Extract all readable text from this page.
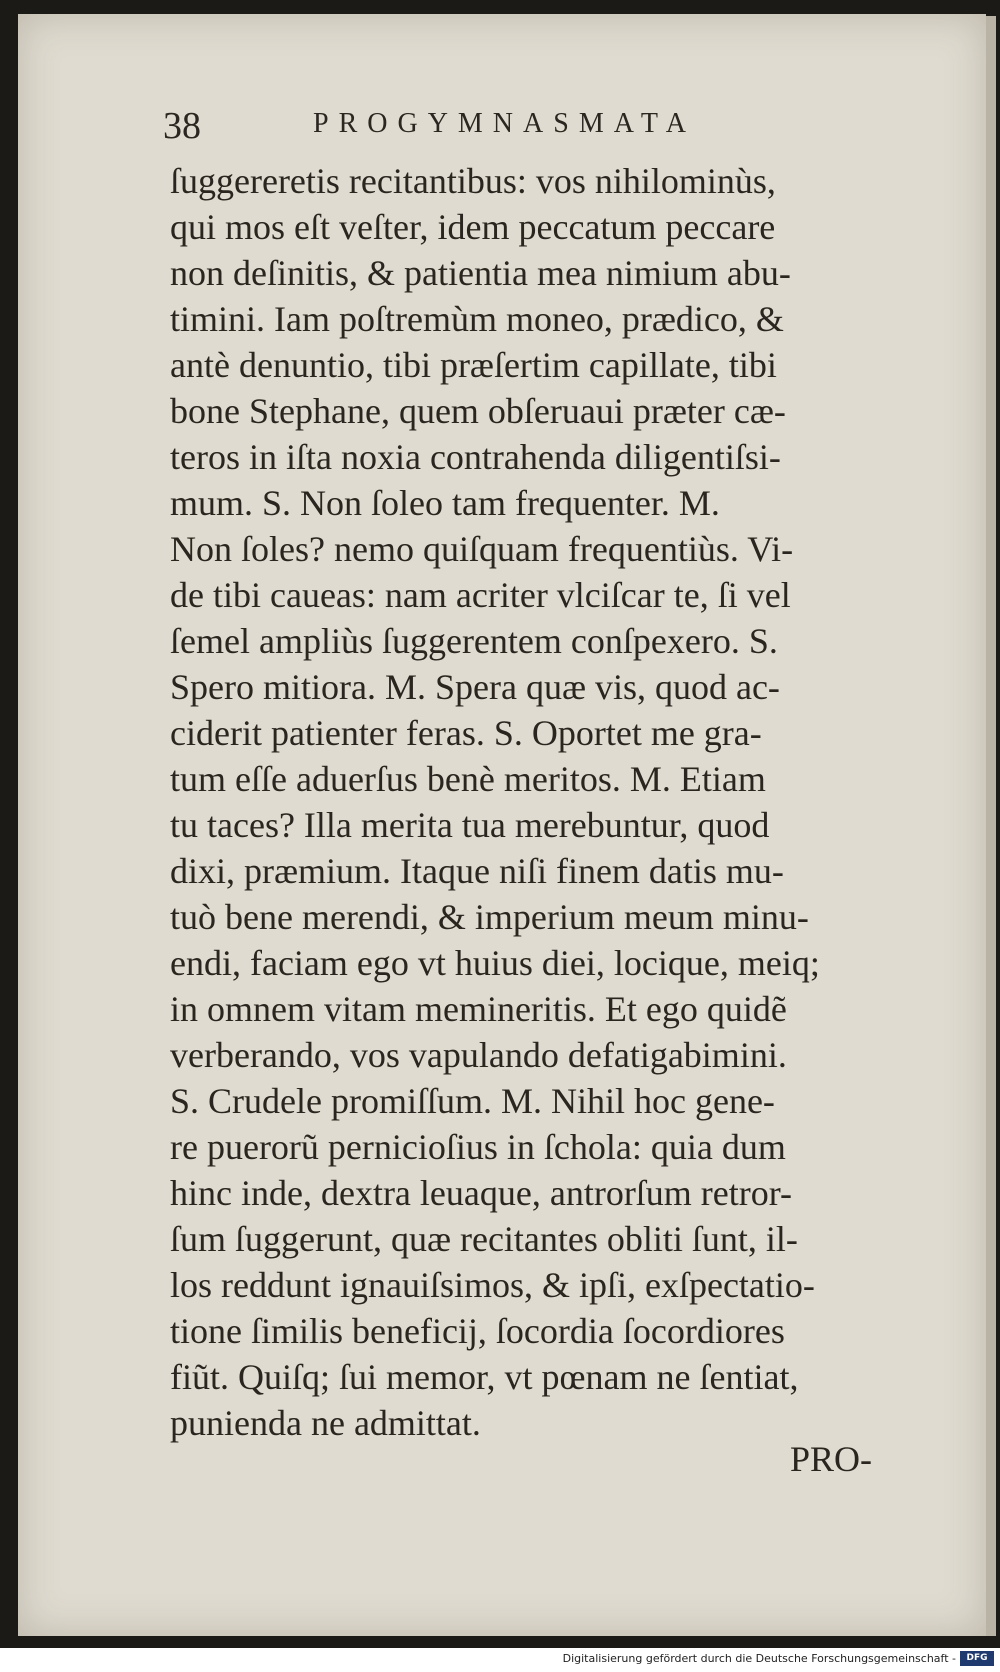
38	PROGYMNASMATA
ſuggereretis recitantibus: vos nihilominùs,
qui mos eſt veſter, idem peccatum peccare
non deſinitis, & patientia mea nimium abu-
timini. Iam poſtremùm moneo, prædico, &
antè denuntio, tibi præſertim capillate, tibi
bone Stephane, quem obſeruaui præter cæ-
teros in iſta noxia contrahenda diligentiſsi-
mum. S. Non ſoleo tam frequenter. M.
Non ſoles? nemo quiſquam frequentiùs. Vi-
de tibi caueas: nam acriter vlciſcar te, ſi vel
ſemel ampliùs ſuggerentem conſpexero. S.
Spero mitiora. M. Spera quæ vis, quod ac-
ciderit patienter feras. S. Oportet me gra-
tum eſſe aduerſus benè meritos. M. Etiam
tu taces? Illa merita tua merebuntur, quod
dixi, præmium. Itaque niſi finem datis mu-
tuò bene merendi, & imperium meum minu-
endi, faciam ego vt huius diei, locique, meiq;
in omnem vitam memineritis. Et ego quidẽ
verberando, vos vapulando defatigabimini.
S. Crudele promiſſum. M. Nihil hoc gene-
re puerorũ pernicioſius in ſchola: quia dum
hinc inde, dextra leuaque, antrorſum retror-
ſum ſuggerunt, quæ recitantes obliti ſunt, il-
los reddunt ignauiſsimos, & ipſi, exſpectatio-
tione ſimilis beneficij, ſocordia ſocordiores
fiũt. Quiſq; ſui memor, vt pœnam ne ſentiat,
punienda ne admittat.
PRO-
Digitalisierung gefördert durch die Deutsche Forschungsgemeinschaft -	DFG
